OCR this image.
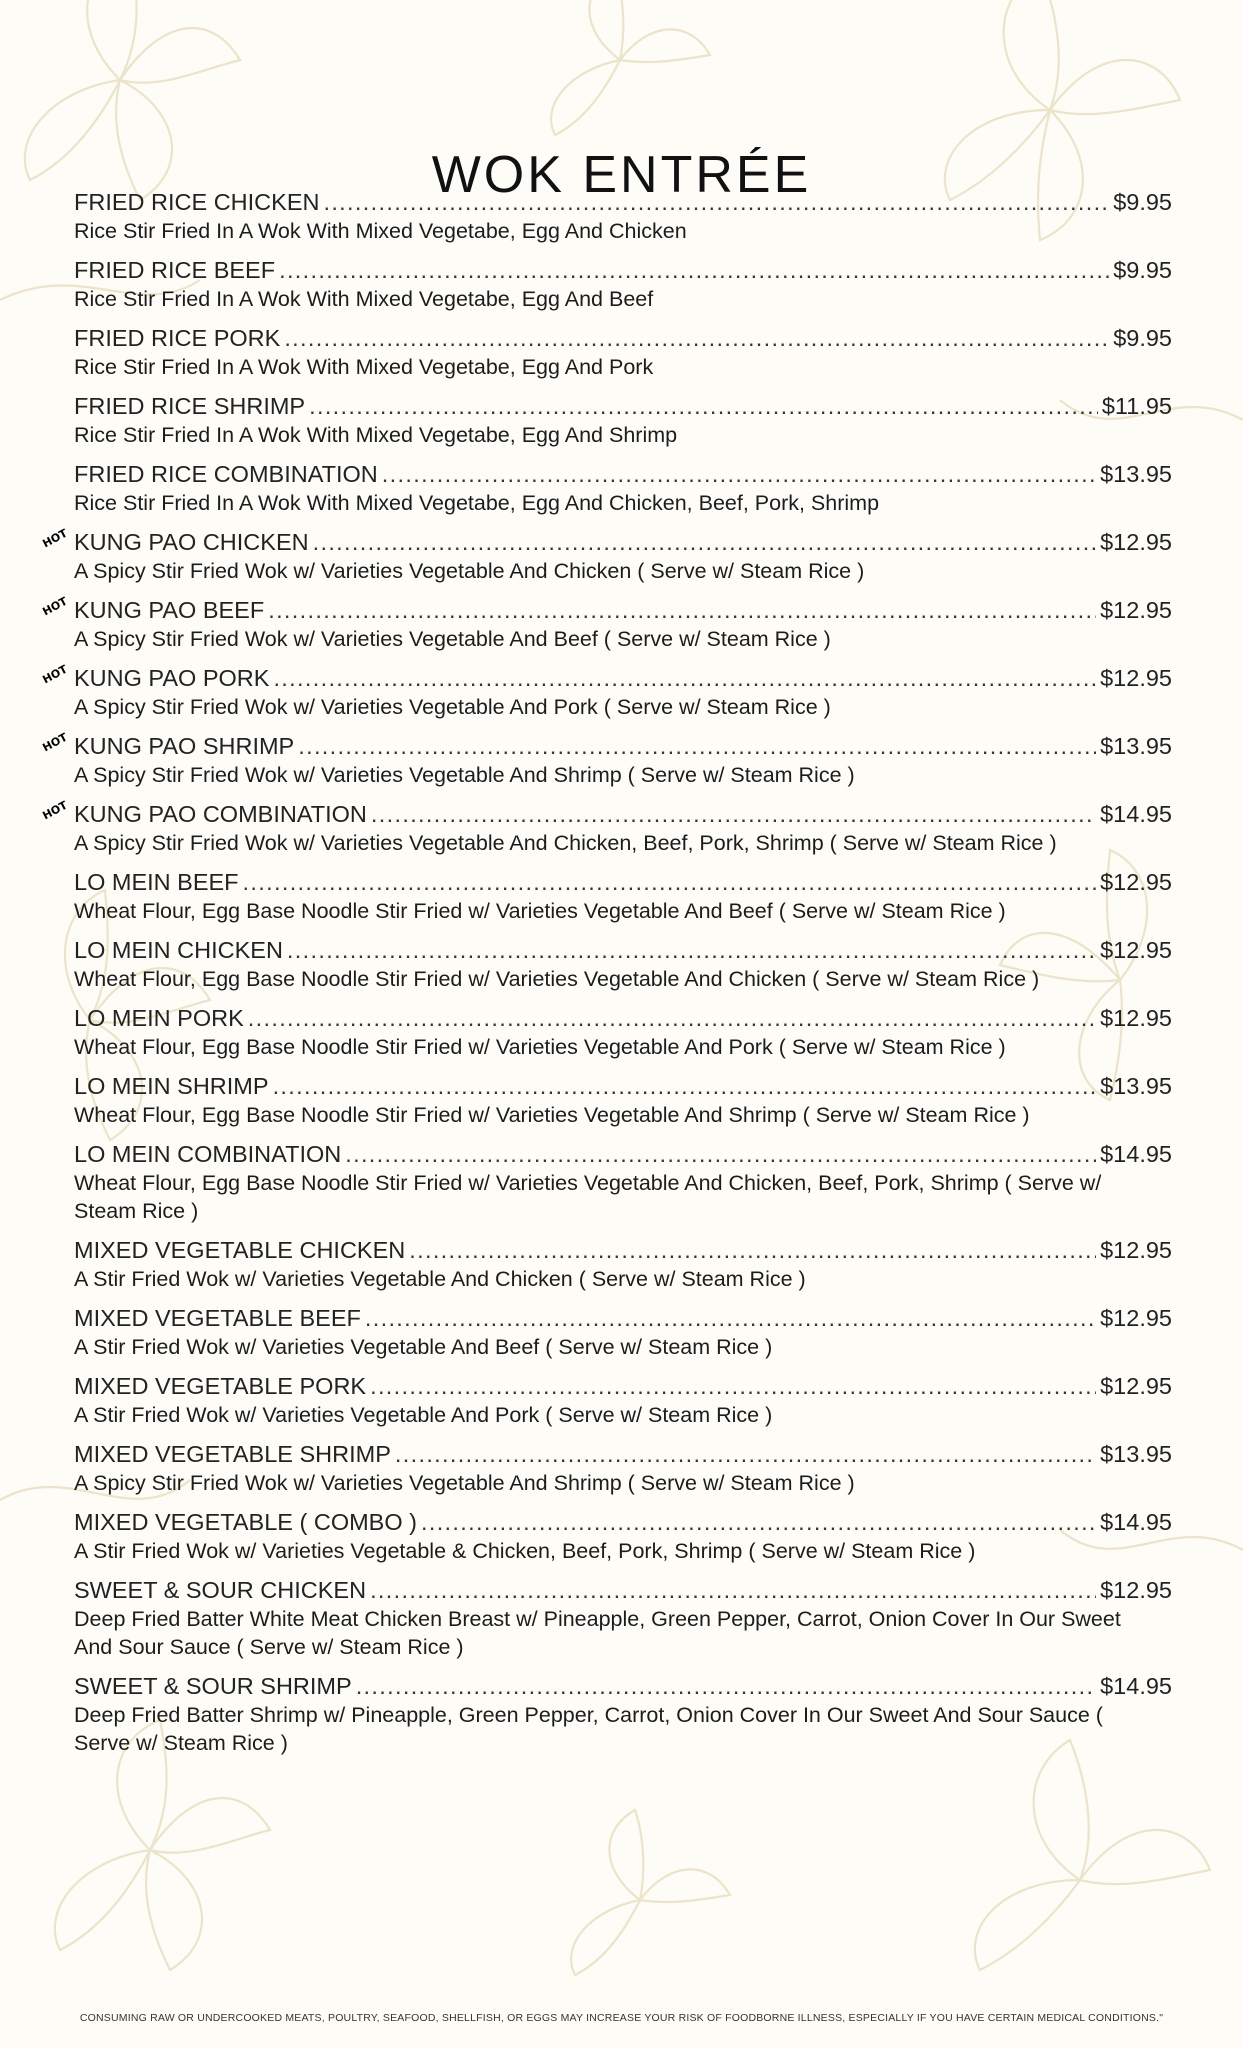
WOK ENTRÉE
FRIED RICE CHICKEN . . .	$9.95
Rice Stir Fried In A Wok With Mixed Vegetabe, Egg And Chicken
FRIED RICE BEEF . . .	$9.95
Rice Stir Fried In A Wok With Mixed Vegetabe, Egg And Beef
FRIED RICE PORK . . .	$9.95
Rice Stir Fried In A Wok With Mixed Vegetabe, Egg And Pork
FRIED RICE SHRIMP . . .	$11.95
Rice Stir Fried In A Wok With Mixed Vegetabe, Egg And Shrimp
FRIED RICE COMBINATION . . .	$13.95
Rice Stir Fried In A Wok With Mixed Vegetabe, Egg And Chicken, Beef, Pork, Shrimp
HOT KUNG PAO CHICKEN . . .	$12.95
A Spicy Stir Fried Wok w/ Varieties Vegetable And Chicken ( Serve w/ Steam Rice )
HOT KUNG PAO BEEF . . .	$12.95
A Spicy Stir Fried Wok w/ Varieties Vegetable And Beef ( Serve w/ Steam Rice )
HOT KUNG PAO PORK . . .	$12.95
A Spicy Stir Fried Wok w/ Varieties Vegetable And Pork ( Serve w/ Steam Rice )
HOT KUNG PAO SHRIMP . . .	$13.95
A Spicy Stir Fried Wok w/ Varieties Vegetable And Shrimp ( Serve w/ Steam Rice )
HOT KUNG PAO COMBINATION . . .	$14.95
A Spicy Stir Fried Wok w/ Varieties Vegetable And Chicken, Beef, Pork, Shrimp ( Serve w/ Steam Rice )
LO MEIN BEEF . . .	$12.95
Wheat Flour, Egg Base Noodle Stir Fried w/ Varieties Vegetable And Beef ( Serve w/ Steam Rice )
LO MEIN CHICKEN . . .	$12.95
Wheat Flour, Egg Base Noodle Stir Fried w/ Varieties Vegetable And Chicken ( Serve w/ Steam Rice )
LO MEIN PORK . . .	$12.95
Wheat Flour, Egg Base Noodle Stir Fried w/ Varieties Vegetable And Pork ( Serve w/ Steam Rice )
LO MEIN SHRIMP . . .	$13.95
Wheat Flour, Egg Base Noodle Stir Fried w/ Varieties Vegetable And Shrimp ( Serve w/ Steam Rice )
LO MEIN COMBINATION . . .	$14.95
Wheat Flour, Egg Base Noodle Stir Fried w/ Varieties Vegetable And Chicken, Beef, Pork, Shrimp ( Serve w/ Steam Rice )
MIXED VEGETABLE CHICKEN . . .	$12.95
A Stir Fried Wok w/ Varieties Vegetable And Chicken ( Serve w/ Steam Rice )
MIXED VEGETABLE BEEF . . .	$12.95
A Stir Fried Wok w/ Varieties Vegetable And Beef ( Serve w/ Steam Rice )
MIXED VEGETABLE PORK . . .	$12.95
A Stir Fried Wok w/ Varieties Vegetable And Pork ( Serve w/ Steam Rice )
MIXED VEGETABLE SHRIMP . . .	$13.95
A Spicy Stir Fried Wok w/ Varieties Vegetable And Shrimp ( Serve w/ Steam Rice )
MIXED VEGETABLE ( COMBO ) . . .	$14.95
A Stir Fried Wok w/ Varieties Vegetable & Chicken, Beef, Pork, Shrimp ( Serve w/ Steam Rice )
SWEET & SOUR CHICKEN . . .	$12.95
Deep Fried Batter White Meat Chicken Breast w/ Pineapple, Green Pepper, Carrot, Onion Cover In Our Sweet And Sour Sauce ( Serve w/ Steam Rice )
SWEET & SOUR SHRIMP . . .	$14.95
Deep Fried Batter Shrimp w/ Pineapple, Green Pepper, Carrot, Onion Cover In Our Sweet And Sour Sauce ( Serve w/ Steam Rice )
CONSUMING RAW OR UNDERCOOKED MEATS, POULTRY, SEAFOOD, SHELLFISH, OR EGGS MAY INCREASE YOUR RISK OF FOODBORNE ILLNESS, ESPECIALLY IF YOU HAVE CERTAIN MEDICAL CONDITIONS."
